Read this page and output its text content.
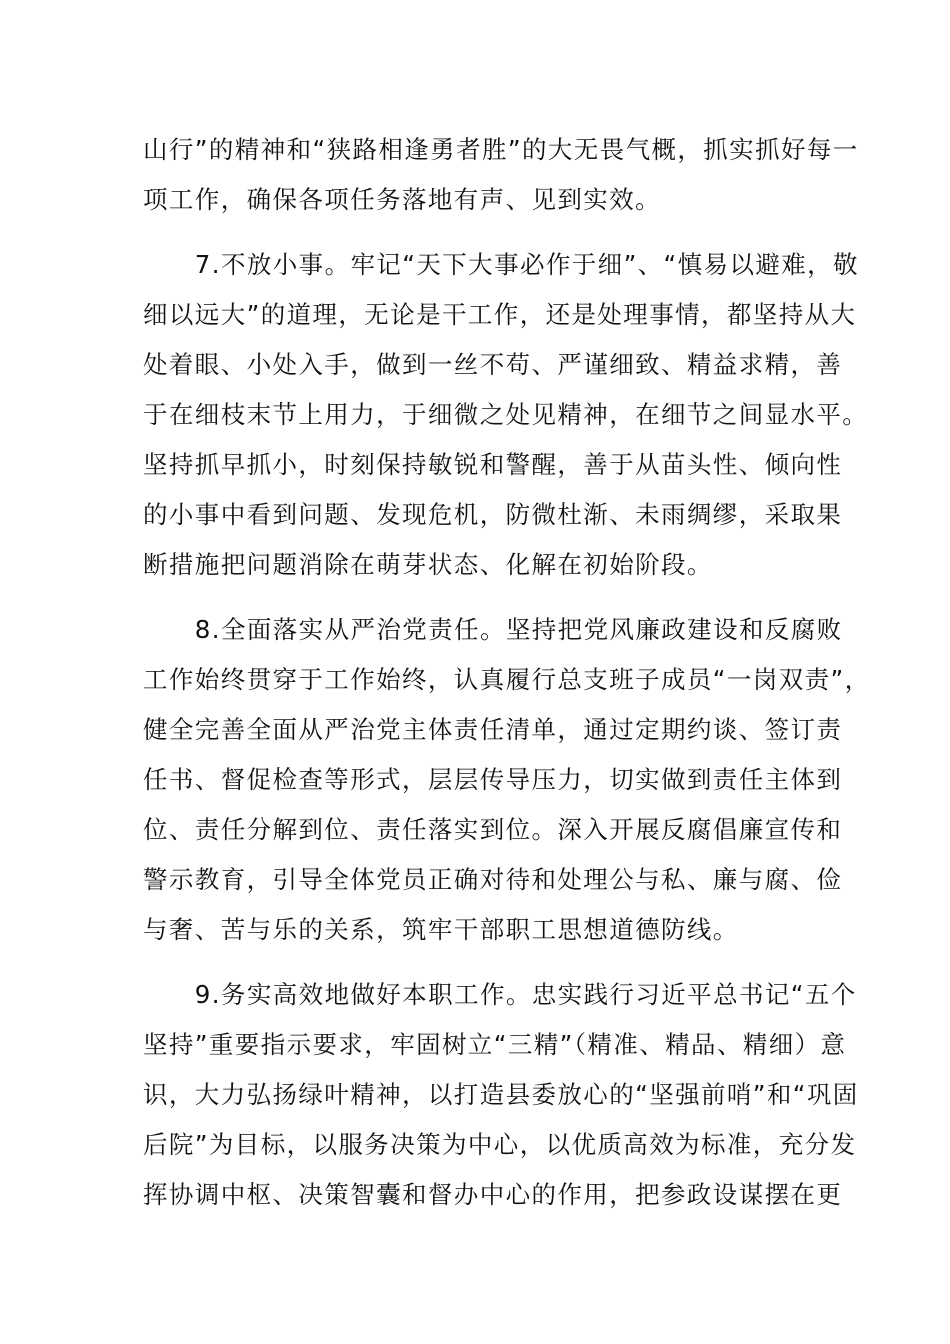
山行”的精神和“狭路相逢勇者胜”的大无畏气概，抓实抓好每一
项工作，确保各项任务落地有声、见到实效。
　　7.不放小事。牢记“天下大事必作于细”、“慎易以避难，敬
细以远大”的道理，无论是干工作，还是处理事情，都坚持从大
处着眼、小处入手，做到一丝不苟、严谨细致、精益求精，善
于在细枝末节上用力，于细微之处见精神，在细节之间显水平。
坚持抓早抓小，时刻保持敏锐和警醒，善于从苗头性、倾向性
的小事中看到问题、发现危机，防微杜渐、未雨绸缪，采取果
断措施把问题消除在萌芽状态、化解在初始阶段。
　　8.全面落实从严治党责任。坚持把党风廉政建设和反腐败
工作始终贯穿于工作始终，认真履行总支班子成员“一岗双责”，
健全完善全面从严治党主体责任清单，通过定期约谈、签订责
任书、督促检查等形式，层层传导压力，切实做到责任主体到
位、责任分解到位、责任落实到位。深入开展反腐倡廉宣传和
警示教育，引导全体党员正确对待和处理公与私、廉与腐、俭
与奢、苦与乐的关系，筑牢干部职工思想道德防线。
　　9.务实高效地做好本职工作。忠实践行习近平总书记“五个
坚持”重要指示要求，牢固树立“三精”（精准、精品、精细）意
识，大力弘扬绿叶精神，以打造县委放心的“坚强前哨”和“巩固
后院”为目标，以服务决策为中心，以优质高效为标准，充分发
挥协调中枢、决策智囊和督办中心的作用，把参政设谋摆在更
